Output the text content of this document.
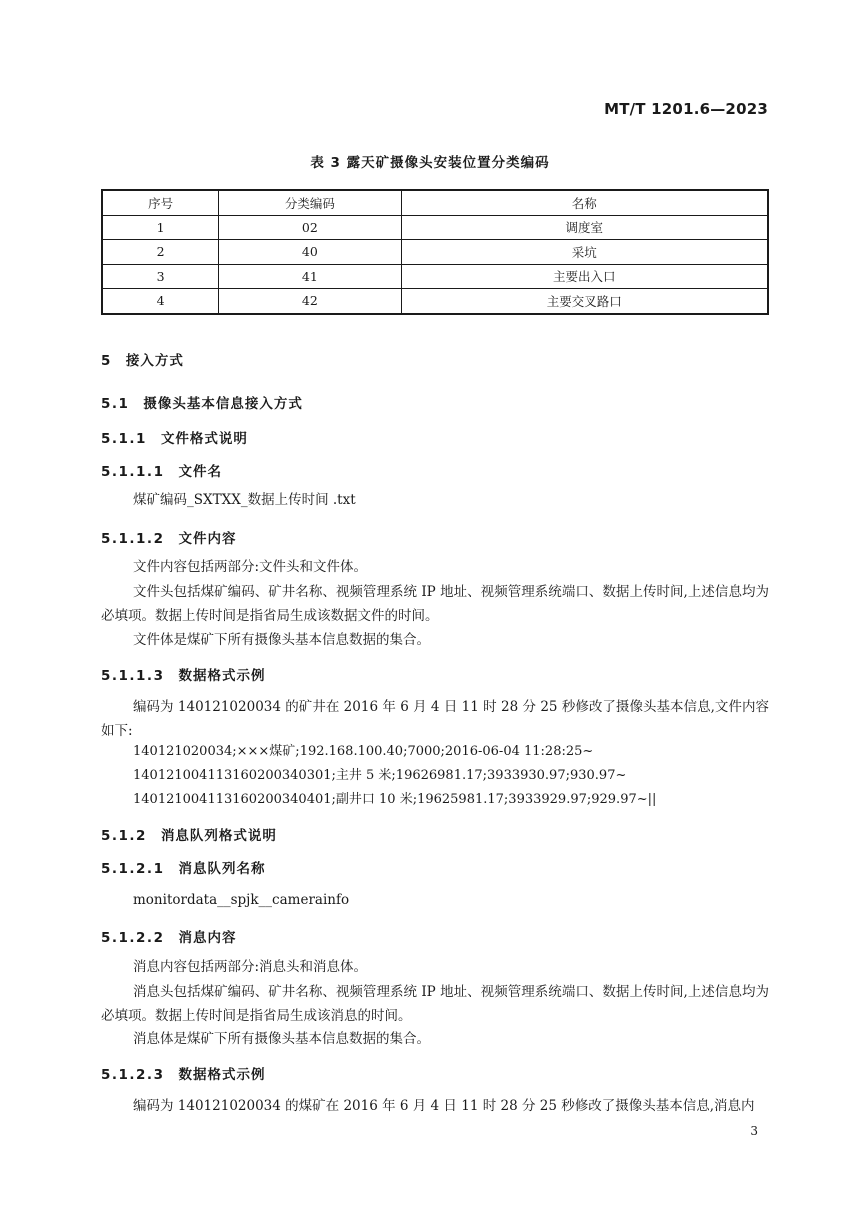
MT/T 1201.6—2023
表 3 露天矿摄像头安装位置分类编码
序号	分类编码	名称
1	02	调度室
2	40	采坑
3	41	主要出入口
4	42	主要交叉路口
5 接入方式
5.1 摄像头基本信息接入方式
5.1.1 文件格式说明
5.1.1.1 文件名
煤矿编码_SXTXX_数据上传时间 .txt
5.1.1.2 文件内容
文件内容包括两部分:文件头和文件体。
文件头包括煤矿编码、矿井名称、视频管理系统 IP 地址、视频管理系统端口、数据上传时间,上述信息均为必填项。数据上传时间是指省局生成该数据文件的时间。
文件体是煤矿下所有摄像头基本信息数据的集合。
5.1.1.3 数据格式示例
编码为 140121020034 的矿井在 2016 年 6 月 4 日 11 时 28 分 25 秒修改了摄像头基本信息,文件内容如下:
140121020034;×××煤矿;192.168.100.40;7000;2016-06-04 11:28:25~
140121004113160200340301;主井 5 米;19626981.17;3933930.97;930.97~
140121004113160200340401;副井口 10 米;19625981.17;3933929.97;929.97~||
5.1.2 消息队列格式说明
5.1.2.1 消息队列名称
monitordata__spjk__camerainfo
5.1.2.2 消息内容
消息内容包括两部分:消息头和消息体。
消息头包括煤矿编码、矿井名称、视频管理系统 IP 地址、视频管理系统端口、数据上传时间,上述信息均为必填项。数据上传时间是指省局生成该消息的时间。
消息体是煤矿下所有摄像头基本信息数据的集合。
5.1.2.3 数据格式示例
编码为 140121020034 的煤矿在 2016 年 6 月 4 日 11 时 28 分 25 秒修改了摄像头基本信息,消息内
3
